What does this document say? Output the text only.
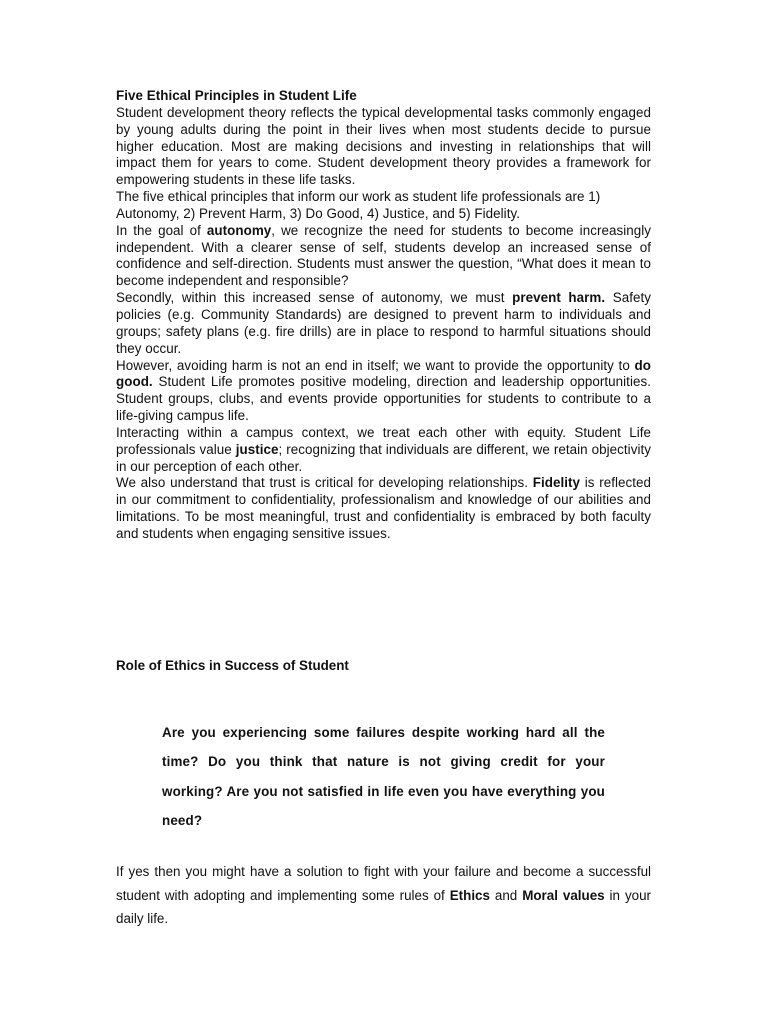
Five Ethical Principles in Student Life

Student development theory reflects the typical developmental tasks commonly engaged by young adults during the point in their lives when most students decide to pursue higher education. Most are making decisions and investing in relationships that will impact them for years to come. Student development theory provides a framework for empowering students in these life tasks.

The five ethical principles that inform our work as student life professionals are 1) Autonomy, 2) Prevent Harm, 3) Do Good, 4) Justice, and 5) Fidelity.

In the goal of autonomy, we recognize the need for students to become increasingly independent. With a clearer sense of self, students develop an increased sense of confidence and self-direction. Students must answer the question, “What does it mean to become independent and responsible?

Secondly, within this increased sense of autonomy, we must prevent harm. Safety policies (e.g. Community Standards) are designed to prevent harm to individuals and groups; safety plans (e.g. fire drills) are in place to respond to harmful situations should they occur.

However, avoiding harm is not an end in itself; we want to provide the opportunity to do good. Student Life promotes positive modeling, direction and leadership opportunities. Student groups, clubs, and events provide opportunities for students to contribute to a life-giving campus life.

Interacting within a campus context, we treat each other with equity. Student Life professionals value justice; recognizing that individuals are different, we retain objectivity in our perception of each other.

We also understand that trust is critical for developing relationships. Fidelity is reflected in our commitment to confidentiality, professionalism and knowledge of our abilities and limitations. To be most meaningful, trust and confidentiality is embraced by both faculty and students when engaging sensitive issues.

Role of Ethics in Success of Student

Are you experiencing some failures despite working hard all the time? Do you think that nature is not giving credit for your working? Are you not satisfied in life even you have everything you need?

If yes then you might have a solution to fight with your failure and become a successful student with adopting and implementing some rules of Ethics and Moral values in your daily life.
